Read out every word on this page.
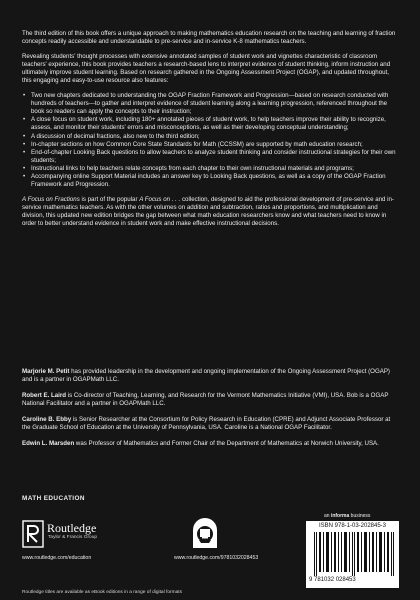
The third edition of this book offers a unique approach to making mathematics education research on the teaching and learning of fraction concepts readily accessible and understandable to pre-service and in-service K-8 mathematics teachers.

Revealing students' thought processes with extensive annotated samples of student work and vignettes characteristic of classroom teachers' experience, this book provides teachers a research-based lens to interpret evidence of student thinking, inform instruction and ultimately improve student learning. Based on research gathered in the Ongoing Assessment Project (OGAP), and updated throughout, this engaging and easy-to-use resource also features:

• Two new chapters dedicated to understanding the OGAP Fraction Framework and Progression—based on research conducted with hundreds of teachers—to gather and interpret evidence of student learning along a learning progression, referenced throughout the book so readers can apply the concepts to their instruction;
• A close focus on student work, including 180+ annotated pieces of student work, to help teachers improve their ability to recognize, assess, and monitor their students' errors and misconceptions, as well as their developing conceptual understanding;
• A discussion of decimal fractions, also new to the third edition;
• In-chapter sections on how Common Core State Standards for Math (CCSSM) are supported by math education research;
• End-of-chapter Looking Back questions to allow teachers to analyze student thinking and consider instructional strategies for their own students;
• Instructional links to help teachers relate concepts from each chapter to their own instructional materials and programs;
• Accompanying online Support Material includes an answer key to Looking Back questions, as well as a copy of the OGAP Fraction Framework and Progression.

A Focus on Fractions is part of the popular A Focus on . . . collection, designed to aid the professional development of pre-service and in-service mathematics teachers. As with the other volumes on addition and subtraction, ratios and proportions, and multiplication and division, this updated new edition bridges the gap between what math education researchers know and what teachers need to know in order to better understand evidence in student work and make effective instructional decisions.

Marjorie M. Petit has provided leadership in the development and ongoing implementation of the Ongoing Assessment Project (OGAP) and is a partner in OGAPMath LLC.

Robert E. Laird is Co-director of Teaching, Learning, and Research for the Vermont Mathematics Initiative (VMI), USA. Bob is a OGAP National Facilitator and a partner in OGAPMath LLC.

Caroline B. Ebby is Senior Researcher at the Consortium for Policy Research in Education (CPRE) and Adjunct Associate Professor at the Graduate School of Education at the University of Pennsylvania, USA. Caroline is a National OGAP Facilitator.

Edwin L. Marsden was Professor of Mathematics and Former Chair of the Department of Mathematics at Norwich University, USA.

MATH EDUCATION
Routledge
Taylor & Francis Group
www.routledge.com/education	www.routledge.com/9781032028453
an informa business
ISBN 978-1-03-202845-3
9 781032 028453
Routledge titles are available as eBook editions in a range of digital formats
